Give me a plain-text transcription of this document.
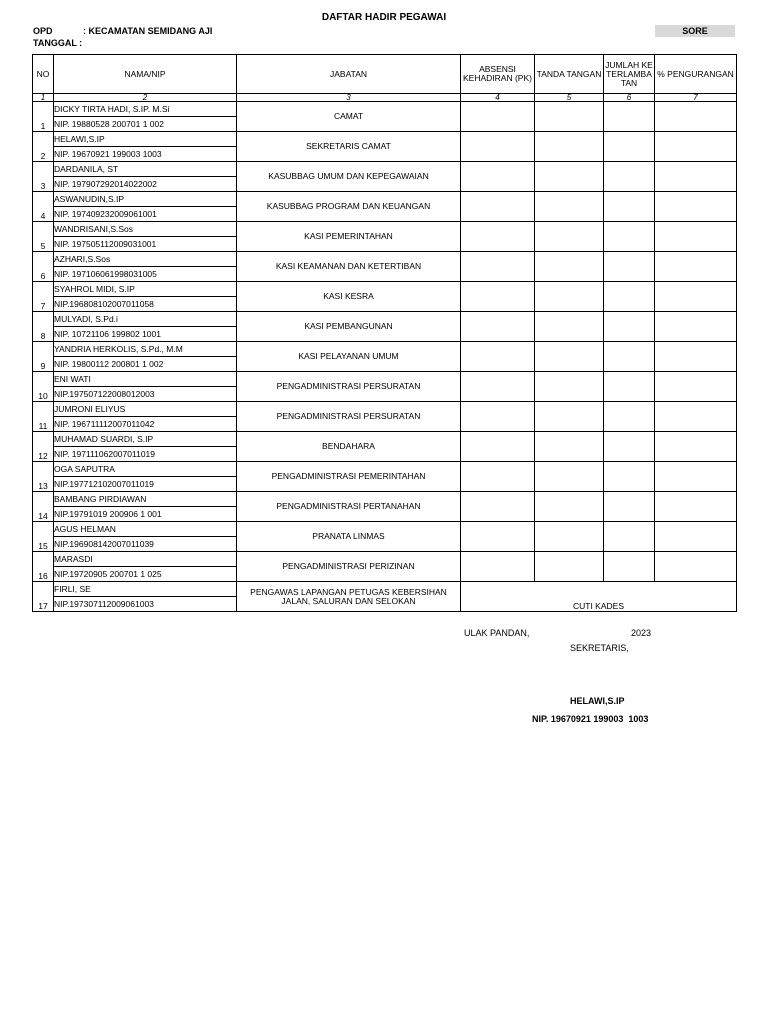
DAFTAR HADIR PEGAWAI
OPD	: KECAMATAN SEMIDANG AJI
TANGGAL :
SORE
NO	NAMA/NIP	JABATAN	ABSENSI KEHADIRAN (PK)	TANDA TANGAN	JUMLAH KETERLAMBATAN	% PENGURANGAN
1	2	3	4	5	6	7
1	DICKY TIRTA HADI, S.IP. M.Si	CAMAT				
	NIP. 19880528 200701 1 002					
2	HELAWI,S.IP	SEKRETARIS CAMAT				
	NIP. 19670921 199003 1003					
3	DARDANILA, ST	KASUBBAG UMUM DAN KEPEGAWAIAN				
	NIP. 197907292014022002					
4	ASWANUDIN,S.IP	KASUBBAG PROGRAM DAN KEUANGAN				
	NIP. 197409232009061001					
5	WANDRISANI,S.Sos	KASI PEMERINTAHAN				
	NIP. 197505112009031001					
6	AZHARI,S.Sos	KASI KEAMANAN DAN KETERTIBAN				
	NIP. 197106061998031005					
7	SYAHROL MIDI, S.IP	KASI KESRA				
	NIP.196808102007011058					
8	MULYADI, S.Pd.i	KASI PEMBANGUNAN				
	NIP. 10721106 199802 1001					
9	YANDRIA HERKOLIS, S.Pd., M.M	KASI PELAYANAN UMUM				
	NIP. 19800112 200801 1 002					
10	ENI WATI	PENGADMINISTRASI PERSURATAN				
	NIP.197507122008012003					
11	JUMRONI ELIYUS	PENGADMINISTRASI PERSURATAN				
	NIP. 196711112007011042					
12	MUHAMAD SUARDI, S.IP	BENDAHARA				
	NIP. 197111062007011019					
13	OGA SAPUTRA	PENGADMINISTRASI PEMERINTAHAN				
	NIP.197712102007011019					
14	BAMBANG PIRDIAWAN	PENGADMINISTRASI PERTANAHAN				
	NIP.19791019 200906 1 001					
15	AGUS HELMAN	PRANATA LINMAS				
	NIP.196908142007011039					
16	MARASDI	PENGADMINISTRASI PERIZINAN				
	NIP.19720905 200701 1 025					
17	FIRLI, SE	PENGAWAS LAPANGAN PETUGAS KEBERSIHAN JALAN, SALURAN DAN SELOKAN	CUTI KADES			
	NIP.197307112009061003					
ULAK PANDAN,	2023
SEKRETARIS,
HELAWI,S.IP
NIP. 19670921 199003  1003
